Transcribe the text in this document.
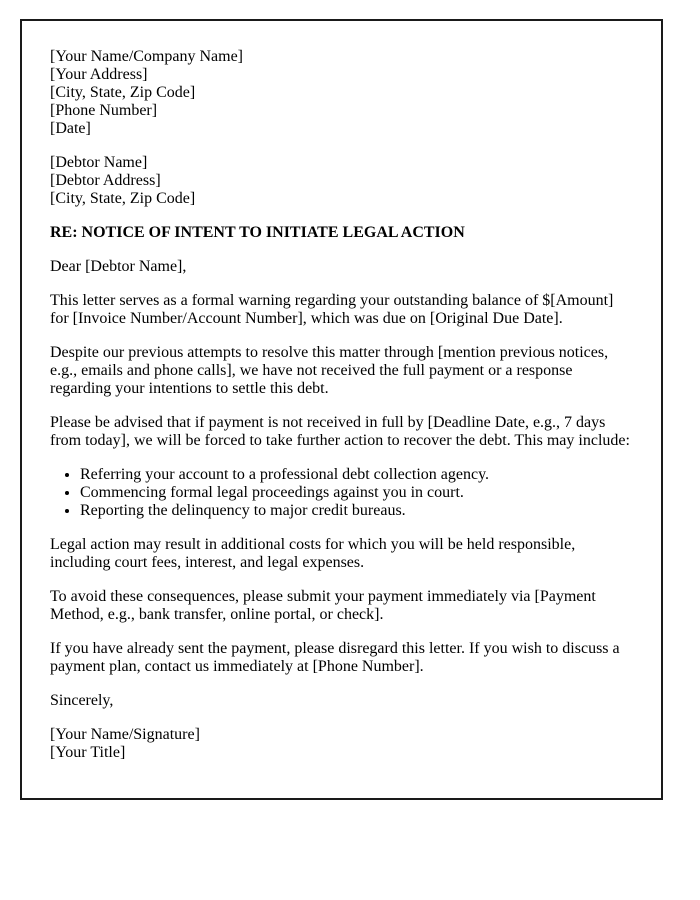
[Your Name/Company Name]
[Your Address]
[City, State, Zip Code]
[Phone Number]
[Date]
[Debtor Name]
[Debtor Address]
[City, State, Zip Code]
RE: NOTICE OF INTENT TO INITIATE LEGAL ACTION
Dear [Debtor Name],
This letter serves as a formal warning regarding your outstanding balance of $[Amount] for [Invoice Number/Account Number], which was due on [Original Due Date].
Despite our previous attempts to resolve this matter through [mention previous notices, e.g., emails and phone calls], we have not received the full payment or a response regarding your intentions to settle this debt.
Please be advised that if payment is not received in full by [Deadline Date, e.g., 7 days from today], we will be forced to take further action to recover the debt. This may include:
• Referring your account to a professional debt collection agency.
• Commencing formal legal proceedings against you in court.
• Reporting the delinquency to major credit bureaus.
Legal action may result in additional costs for which you will be held responsible, including court fees, interest, and legal expenses.
To avoid these consequences, please submit your payment immediately via [Payment Method, e.g., bank transfer, online portal, or check].
If you have already sent the payment, please disregard this letter. If you wish to discuss a payment plan, contact us immediately at [Phone Number].
Sincerely,
[Your Name/Signature]
[Your Title]
